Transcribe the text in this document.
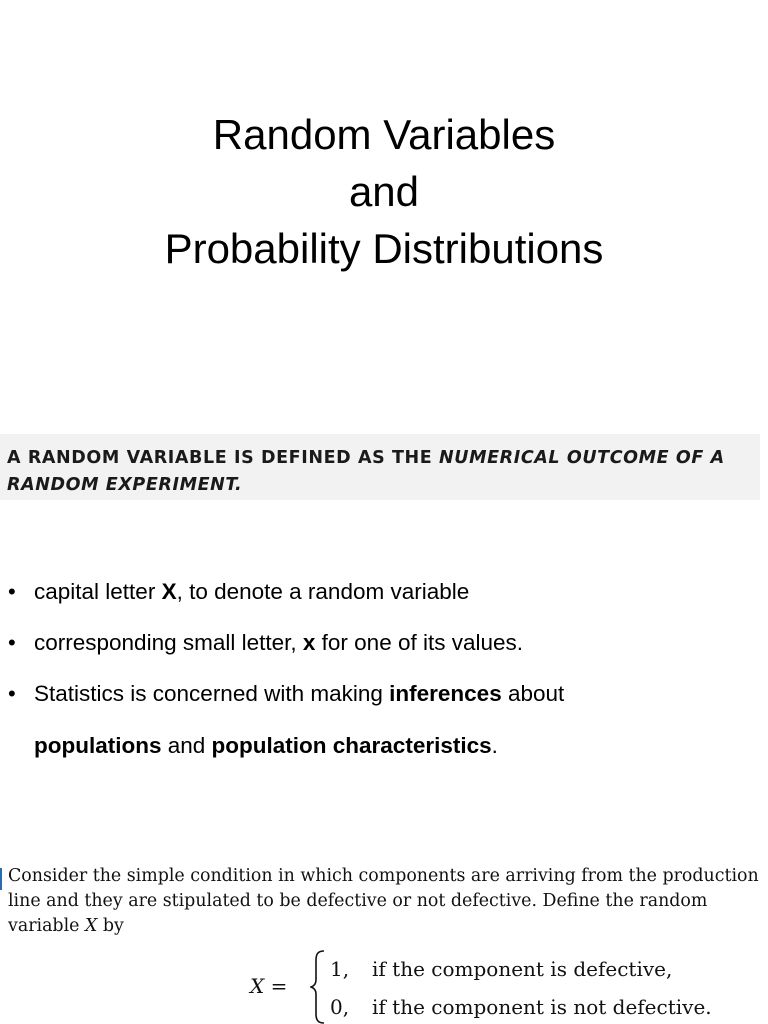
Random Variables
and
Probability Distributions

A RANDOM VARIABLE IS DEFINED AS THE NUMERICAL OUTCOME OF A RANDOM EXPERIMENT.

• capital letter X, to denote a random variable
• corresponding small letter, x for one of its values.
• Statistics is concerned with making inferences about
populations and population characteristics.

Consider the simple condition in which components are arriving from the production line and they are stipulated to be defective or not defective. Define the random variable X by

X =
1, if the component is defective,
0, if the component is not defective.
